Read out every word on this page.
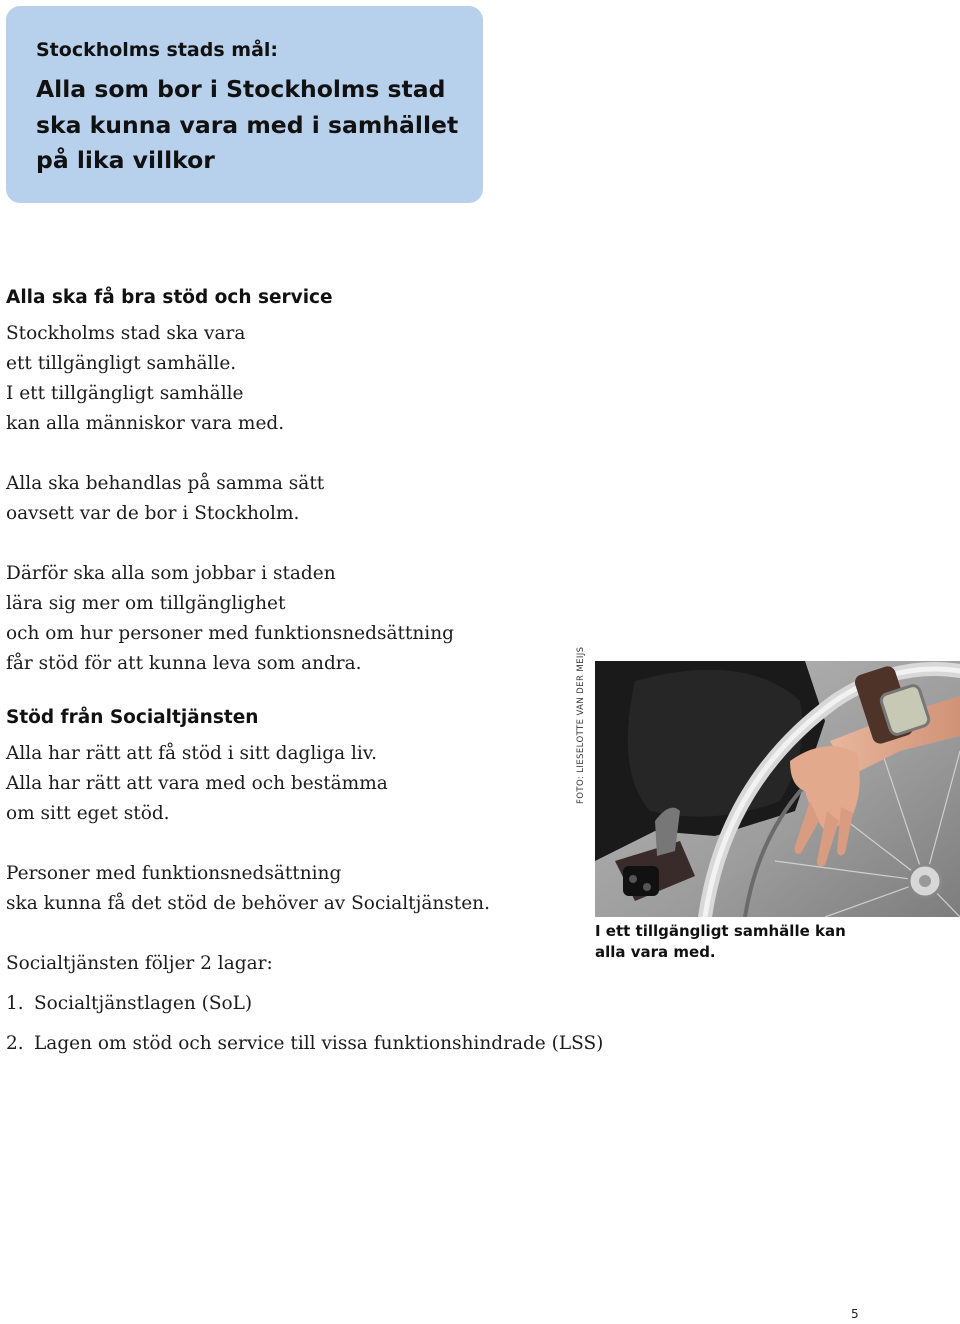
Stockholms stads mål:

Alla som bor i Stockholms stad
ska kunna vara med i samhället
på lika villkor

Alla ska få bra stöd och service

Stockholms stad ska vara
ett tillgängligt samhälle.
I ett tillgängligt samhälle
kan alla människor vara med.

Alla ska behandlas på samma sätt
oavsett var de bor i Stockholm.

Därför ska alla som jobbar i staden
lära sig mer om tillgänglighet
och om hur personer med funktionsnedsättning
får stöd för att kunna leva som andra.

Stöd från Socialtjänsten

Alla har rätt att få stöd i sitt dagliga liv.
Alla har rätt att vara med och bestämma
om sitt eget stöd.

Personer med funktionsnedsättning
ska kunna få det stöd de behöver av Socialtjänsten.

Socialtjänsten följer 2 lagar:

1. Socialtjänstlagen (SoL)
2. Lagen om stöd och service till vissa funktionshindrade (LSS)
FOTO: LIESELOTTE VAN DER MEIJS
I ett tillgängligt samhälle kan
alla vara med.
5
